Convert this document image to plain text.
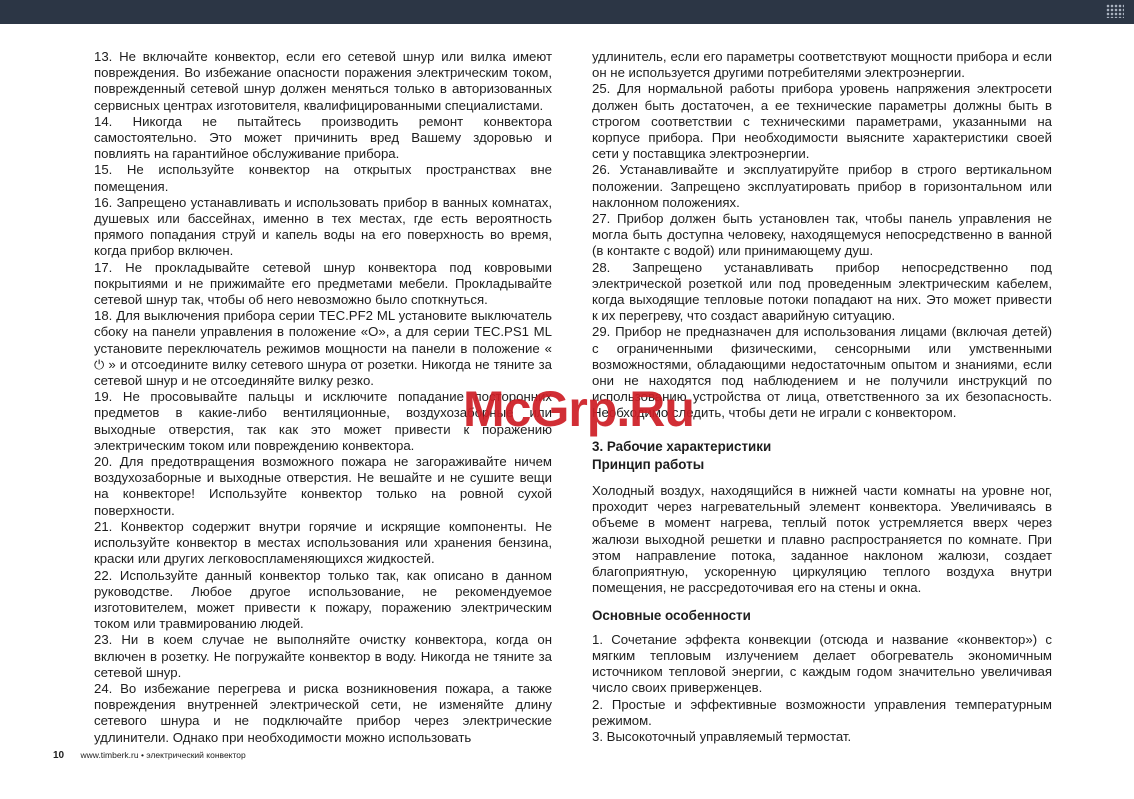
13. Не включайте конвектор, если его сетевой шнур или вилка имеют повреждения. Во избежание опасности поражения электрическим током, поврежденный сетевой шнур должен меняться только в авторизованных сервисных центрах изготовителя, квалифицированными специалистами.

14. Никогда не пытайтесь производить ремонт конвектора самостоятельно. Это может причинить вред Вашему здоровью и повлиять на гарантийное обслуживание прибора.

15. Не используйте конвектор на открытых пространствах вне помещения.

16. Запрещено устанавливать и использовать прибор в ванных комнатах, душевых или бассейнах, именно в тех местах, где есть вероятность прямого попадания струй и капель воды на его поверхность во время, когда прибор включен.

17. Не прокладывайте сетевой шнур конвектора под ковровыми покрытиями и не прижимайте его предметами мебели. Прокладывайте сетевой шнур так, чтобы об него невозможно было споткнуться.

18. Для выключения прибора серии TEC.PF2 ML установите выключатель сбоку на панели управления в положение «O», а для серии TEC.PS1 ML установите переключатель режимов мощности на панели в положение « ⏻ » и отсоедините вилку сетевого шнура от розетки. Никогда не тяните за сетевой шнур и не отсоединяйте вилку резко.

19. Не просовывайте пальцы и исключите попадание посторонних предметов в какие-либо вентиляционные, воздухозаборные или выходные отверстия, так как это может привести к поражению электрическим током или повреждению конвектора.

20. Для предотвращения возможного пожара не загораживайте ничем воздухозаборные и выходные отверстия. Не вешайте и не сушите вещи на конвекторе! Используйте конвектор только на ровной сухой поверхности.

21. Конвектор содержит внутри горячие и искрящие компоненты. Не используйте конвектор в местах использования или хранения бензина, краски или других легковоспламеняющихся жидкостей.

22. Используйте данный конвектор только так, как описано в данном руководстве. Любое другое использование, не рекомендуемое изготовителем, может привести к пожару, поражению электрическим током или травмированию людей.

23. Ни в коем случае не выполняйте очистку конвектора, когда он включен в розетку. Не погружайте конвектор в воду. Никогда не тяните за сетевой шнур.

24. Во избежание перегрева и риска возникновения пожара, а также повреждения внутренней электрической сети, не изменяйте длину сетевого шнура и не подключайте прибор через электрические удлинители. Однако при необходимости можно использовать

удлинитель, если его параметры соответствуют мощности прибора и если он не используется другими потребителями электроэнергии.

25. Для нормальной работы прибора уровень напряжения электросети должен быть достаточен, а ее технические параметры должны быть в строгом соответствии с техническими параметрами, указанными на корпусе прибора. При необходимости выясните характеристики своей сети у поставщика электроэнергии.

26. Устанавливайте и эксплуатируйте прибор в строго вертикальном положении. Запрещено эксплуатировать прибор в горизонтальном или наклонном положениях.

27. Прибор должен быть установлен так, чтобы панель управления не могла быть доступна человеку, находящемуся непосредственно в ванной (в контакте с водой) или принимающему душ.

28. Запрещено устанавливать прибор непосредственно под электрической розеткой или под проведенным электрическим кабелем, когда выходящие тепловые потоки попадают на них. Это может привести к их перегреву, что создаст аварийную ситуацию.

29. Прибор не предназначен для использования лицами (включая детей) с ограниченными физическими, сенсорными или умственными возможностями, обладающими недостаточным опытом и знаниями, если они не находятся под наблюдением и не получили инструкций по использованию устройства от лица, ответственного за их безопасность. Необходимо следить, чтобы дети не играли с конвектором.

3. Рабочие характеристики
Принцип работы

Холодный воздух, находящийся в нижней части комнаты на уровне ног, проходит через нагревательный элемент конвектора. Увеличиваясь в объеме в момент нагрева, теплый поток устремляется вверх через жалюзи выходной решетки и плавно распространяется по комнате. При этом направление потока, заданное наклоном жалюзи, создает благоприятную, ускоренную циркуляцию теплого воздуха внутри помещения, не рассредоточивая его на стены и окна.

Основные особенности

1. Сочетание эффекта конвекции (отсюда и название «конвектор») с мягким тепловым излучением делает обогреватель экономичным источником тепловой энергии, с каждым годом значительно увеличивая число своих приверженцев.

2. Простые и эффективные возможности управления температурным режимом.

3. Высокоточный управляемый термостат.

McGrp.Ru
10 www.timberk.ru • электрический конвектор
